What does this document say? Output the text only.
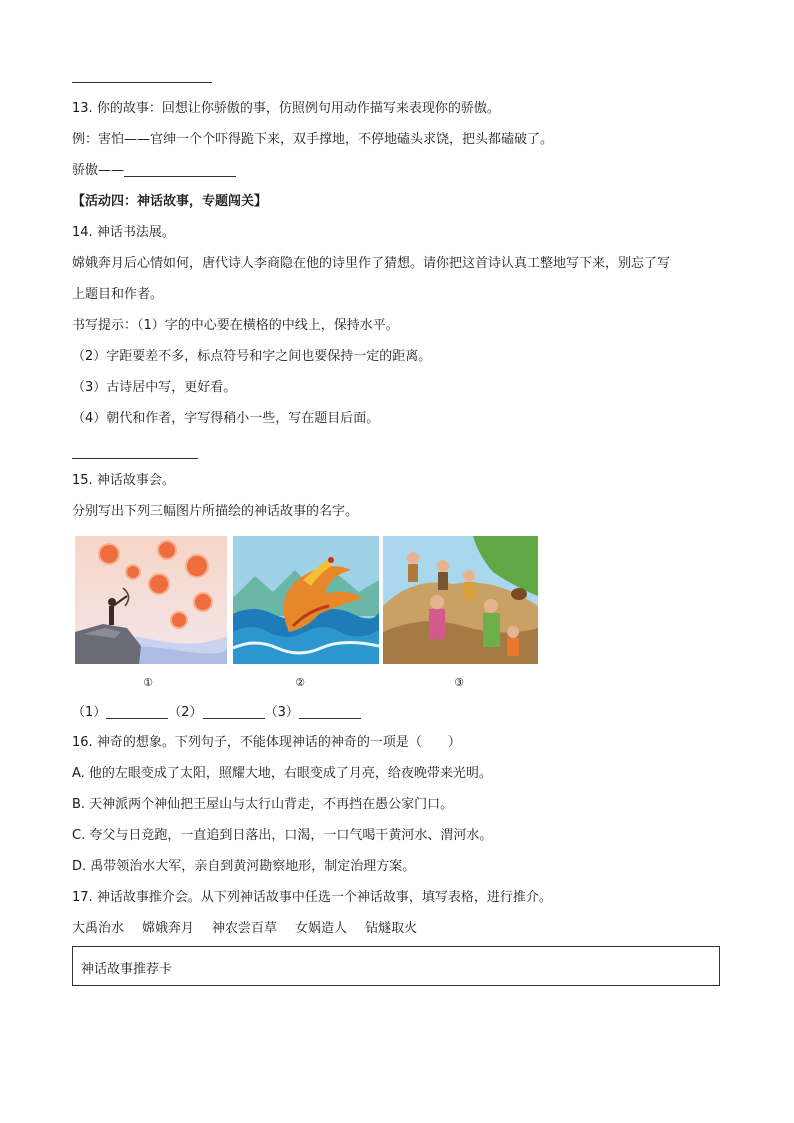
13. 你的故事：回想让你骄傲的事，仿照例句用动作描写来表现你的骄傲。
例：害怕——官绅一个个吓得跪下来，双手撑地，不停地磕头求饶，把头都磕破了。
骄傲——
【活动四：神话故事，专题闯关】
14. 神话书法展。
嫦娥奔月后心情如何，唐代诗人李商隐在他的诗里作了猜想。请你把这首诗认真工整地写下来，别忘了写
上题目和作者。
书写提示：（1）字的中心要在横格的中线上，保持水平。
（2）字距要差不多，标点符号和字之间也要保持一定的距离。
（3）古诗居中写，更好看。
（4）朝代和作者，字写得稍小一些，写在题目后面。
15. 神话故事会。
分别写出下列三幅图片所描绘的神话故事的名字。
①	②	③
（1）	（2）	（3）
16. 神奇的想象。下列句子，不能体现神话的神奇的一项是（　　）
A. 他的左眼变成了太阳，照耀大地，右眼变成了月亮，给夜晚带来光明。
B. 天神派两个神仙把王屋山与太行山背走，不再挡在愚公家门口。
C. 夸父与日竞跑，一直追到日落出，口渴，一口气喝干黄河水、渭河水。
D. 禹带领治水大军，亲自到黄河勘察地形，制定治理方案。
17. 神话故事推介会。从下列神话故事中任选一个神话故事，填写表格，进行推介。
大禹治水 嫦娥奔月 神农尝百草 女娲造人 钻燧取火
神话故事推荐卡
